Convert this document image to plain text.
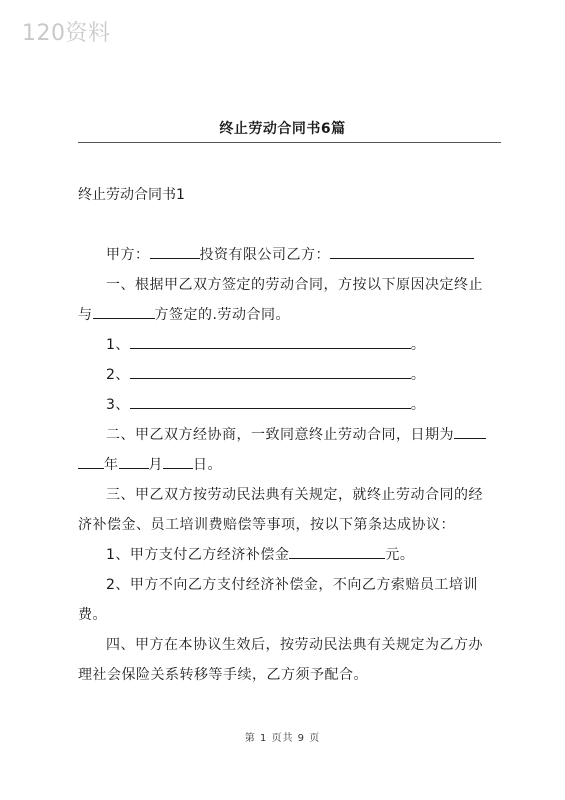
120资料
终止劳动合同书6篇
终止劳动合同书1
甲方：	投资有限公司乙方：
一、根据甲乙双方签定的劳动合同，方按以下原因决定终止
与	方签定的.劳动合同。
1、	。
2、	。
3、	。
二、甲乙双方经协商，一致同意终止劳动合同，日期为
年 月 日。
三、甲乙双方按劳动民法典有关规定，就终止劳动合同的经
济补偿金、员工培训费赔偿等事项，按以下第条达成协议：
1、甲方支付乙方经济补偿金	元。
2、甲方不向乙方支付经济补偿金，不向乙方索赔员工培训
费。
四、甲方在本协议生效后，按劳动民法典有关规定为乙方办
理社会保险关系转移等手续，乙方须予配合。
第 1 页共 9 页
